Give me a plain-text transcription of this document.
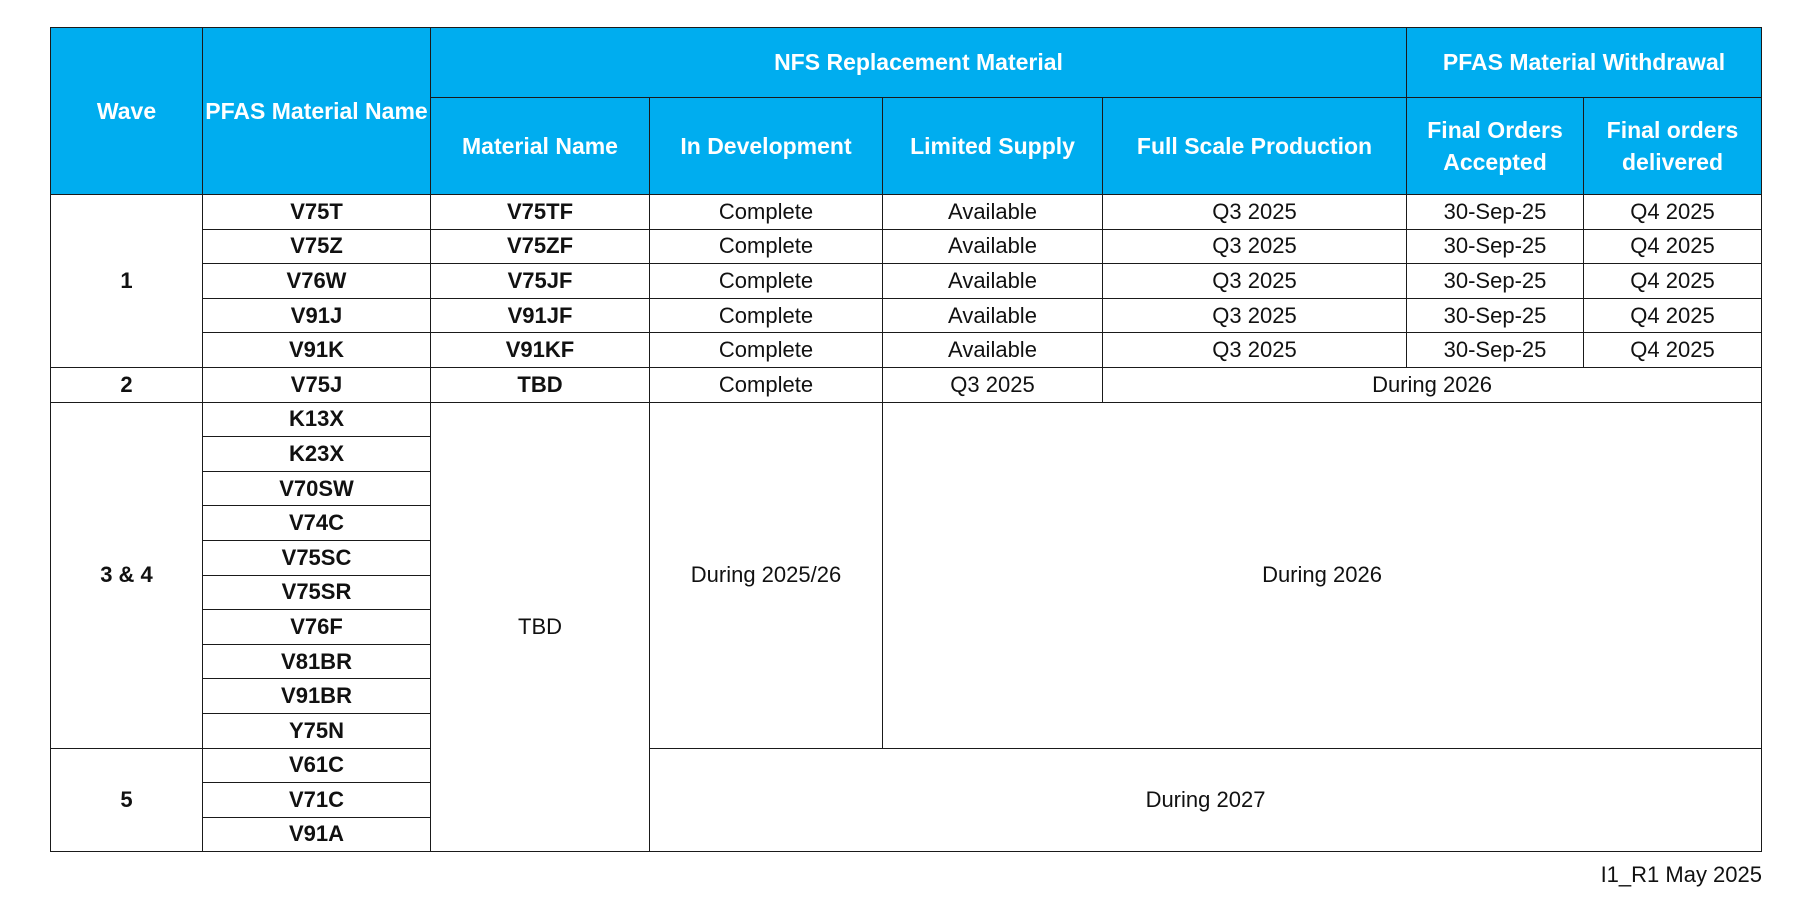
Wave	PFAS Material Name	NFS Replacement Material				PFAS Material Withdrawal	
		Material Name	In Development	Limited Supply	Full Scale Production	Final Orders Accepted	Final orders delivered
1	V75T	V75TF	Complete	Available	Q3 2025	30-Sep-25	Q4 2025
	V75Z	V75ZF	Complete	Available	Q3 2025	30-Sep-25	Q4 2025
	V76W	V75JF	Complete	Available	Q3 2025	30-Sep-25	Q4 2025
	V91J	V91JF	Complete	Available	Q3 2025	30-Sep-25	Q4 2025
	V91K	V91KF	Complete	Available	Q3 2025	30-Sep-25	Q4 2025
2	V75J	TBD	Complete	Q3 2025	During 2026		
3 & 4	K13X	TBD	During 2025/26	During 2026			
	K23X						
	V70SW						
	V74C						
	V75SC						
	V75SR						
	V76F						
	V81BR						
	V91BR						
	Y75N						
5	V61C		During 2027				
	V71C						
	V91A						
I1_R1 May 2025
